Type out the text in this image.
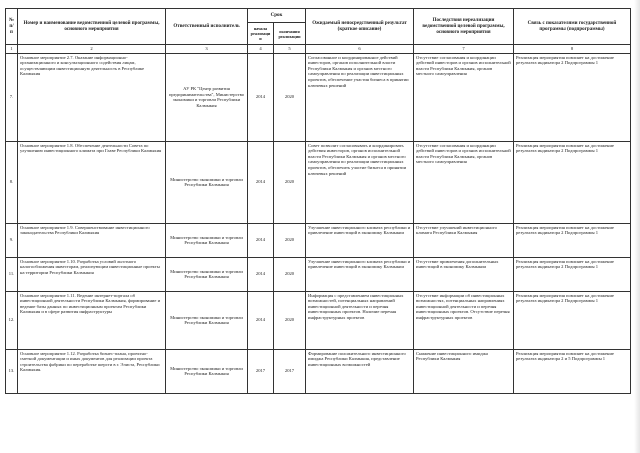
№ п/п	Номер и наименование ведомственной целевой программы, основного мероприятия	Ответственный исполнитель	Срок		Ожидаемый непосредственный результат (краткое описание)	Последствия нереализации ведомственной целевой программы, основного мероприятия	Связь с показателями государственной программы (подпрограммы)
			начала реализации	окончания реализации			
1	2	3	4	5	6	7	8
7.	Основное мероприятие 2.7. Оказание информационно-организационного и консультационного содействия лицам, осуществляющим инвестиционную деятельность в Республике Калмыкия	АУ РК "Центр развития предпринимательства", Министерство экономики и торговли Республики Калмыкия	2014	2020	Согласованное и координированное действий инвесторов, органов исполнительной власти Республики Калмыкия и органов местного самоуправления по реализации инвестиционных проектов, обеспечение участия бизнеса в принятии ключевых решений	Отсутствие согласования и координации действий инвесторов и органов исполнительной власти Республики Калмыкия, органов местного самоуправления	Реализация мероприятия повлияет на достижение результата индикатора 2 Подпрограммы 1
8.	Основное мероприятие 1.8. Обеспечение деятельности Совета по улучшению инвестиционного климата при Главе Республики Калмыкия	Министерство экономики и торговли Республики Калмыкия	2014	2020	Совет позволит согласовывать и координировать действия инвесторов, органов исполнительной власти Республики Калмыкия и органов местного самоуправления по реализации инвестиционных проектов, обеспечить участие бизнеса в принятии ключевых решений	Отсутствие согласования и координации действий инвесторов и органов исполнительной власти Республики Калмыкия, органов местного самоуправления	Реализация мероприятия повлияет на достижение результата индикатора 2 Подпрограммы 1
9.	Основное мероприятие 1.9. Совершенствование инвестиционного законодательства Республики Калмыкия	Министерство экономики и торговли Республики Калмыкия	2014	2020	Улучшение инвестиционного климата республики и привлечение инвестиций в экономику Калмыкии	Отсутствие улучшений инвестиционного климата Республики Калмыкия	Реализация мероприятия повлияет на достижение результата индикатора 2 Подпрограммы 1
11.	Основное мероприятие 1.10. Разработка условий льготного налогообложения инвесторам, реализующим инвестиционные проекты на территории Республики Калмыкия	Министерство экономики и торговли Республики Калмыкия	2014	2020	Улучшение инвестиционного климата республики и привлечение инвестиций в экономику Калмыкии	Отсутствие привлечения дополнительных инвестиций в экономику Калмыкии	Реализация мероприятия повлияет на достижение результата индикатора 2 Подпрограммы 1
12.	Основное мероприятие 1.11. Ведение интернет-портала об инвестиционной деятельности Республики Калмыкия, формирование и ведение базы данных по инвестиционным проектам Республики Калмыкия и в сфере развития инфраструктуры	Министерство экономики и торговли Республики Калмыкия	2014	2020	Информация с представлением инвестиционных возможностей, потенциальных направлений инвестиционной деятельности и перечня инвестиционных проектов. Наличие перечня инфраструктурных проектов	Отсутствие информации об инвестиционных возможностях, потенциальных направлениях инвестиционной деятельности и перечня инвестиционных проектов. Отсутствие перечня инфраструктурных проектов	Реализация мероприятия повлияет на достижение результата индикатора 2 Подпрограммы 1
13.	Основное мероприятие 1.12. Разработка бизнес-плана, проектно-сметной документации и иных документов для реализации проекта строительства фабрики по переработке шерсти в г. Элиста, Республики Калмыкия.	Министерство экономики и торговли Республики Калмыкия	2017	2017	Формирование положительного инвестиционного имиджа Республики Калмыкия, представление инвестиционных возможностей	Снижение инвестиционного имиджа Республики Калмыкия	Реализация мероприятия повлияет на достижение результата индикатора 2 и 5 Подпрограммы 1
